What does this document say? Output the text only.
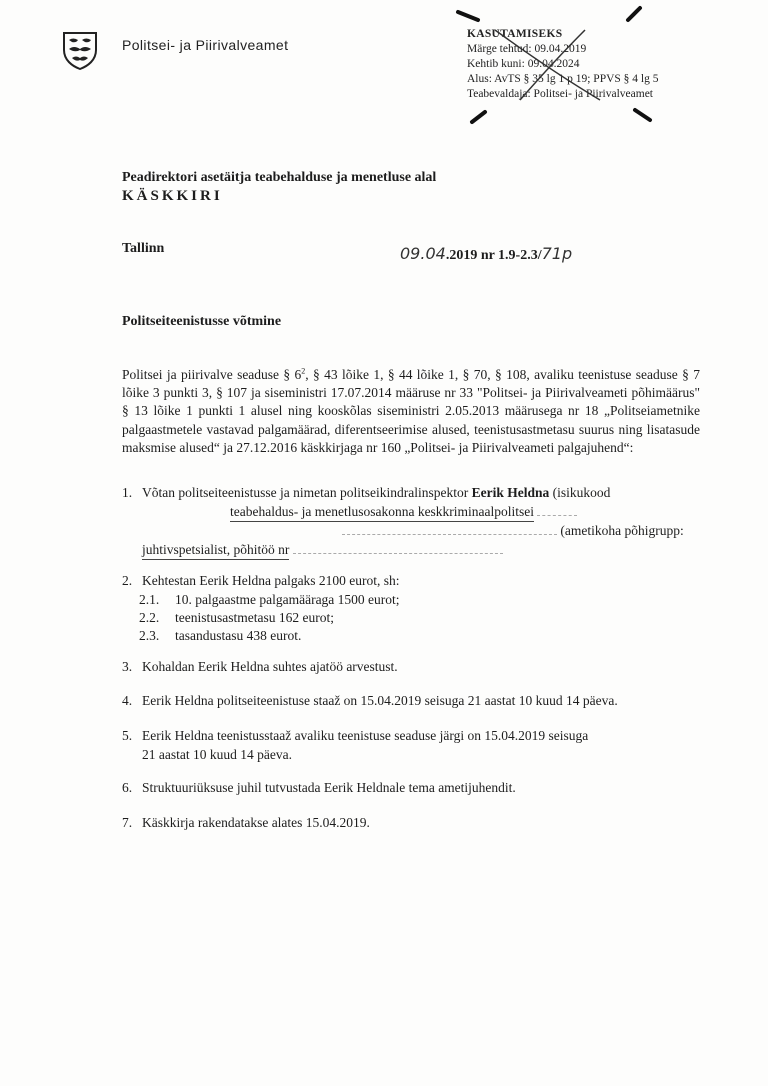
Politsei- ja Piirivalveamet
KASUTAMISEKS
Märge tehtud: 09.04.2019
Kehtib kuni: 09.04.2024
Alus: AvTS § 35 lg 1 p 19; PPVS § 4 lg 5
Teabevaldaja: Politsei- ja Piirivalveamet
Peadirektori asetäitja teabehalduse ja menetluse alal
KÄSKKIRI
Tallinn	09.04.2019 nr 1.9-2.3/71p
Politseiteenistusse võtmine

Politsei ja piirivalve seaduse § $6^2$, § 43 lõike 1, § 44 lõike 1, § 70, § 108, avaliku teenistuse seaduse § 7 lõike 3 punkti 3, § 107 ja siseministri 17.07.2014 määruse nr 33 "Politsei- ja Piirivalveameti põhimäärus" § 13 lõike 1 punkti 1 alusel ning kooskõlas siseministri 2.05.2013 määrusega nr 18 „Politseiametnike palgaastmetele vastavad palgamäärad, diferentseerimise alused, teenistusastmetasu suurus ning lisatasude maksmise alused“ ja 27.12.2016 käskkirjaga nr 160 „Politsei- ja Piirivalveameti palgajuhend“:

1. Võtan politseiteenistusse ja nimetan politseikindralinspektor Eerik Heldna (isikukood
teabehaldus- ja menetlusosakonna keskkriminaalpolitsei
(ametikoha põhigrupp:
juhtivspetsialist, põhitöö nr
2. Kehtestan Eerik Heldna palgaks 2100 eurot, sh:
2.1. 10. palgaastme palgamääraga 1500 eurot;
2.2. teenistusastmetasu 162 eurot;
2.3. tasandustasu 438 eurot.
3. Kohaldan Eerik Heldna suhtes ajatöö arvestust.
4. Eerik Heldna politseiteenistuse staaž on 15.04.2019 seisuga 21 aastat 10 kuud 14 päeva.
5. Eerik Heldna teenistusstaaž avaliku teenistuse seaduse järgi on 15.04.2019 seisuga
21 aastat 10 kuud 14 päeva.
6. Struktuuriüksuse juhil tutvustada Eerik Heldnale tema ametijuhendit.
7. Käskkirja rakendatakse alates 15.04.2019.
